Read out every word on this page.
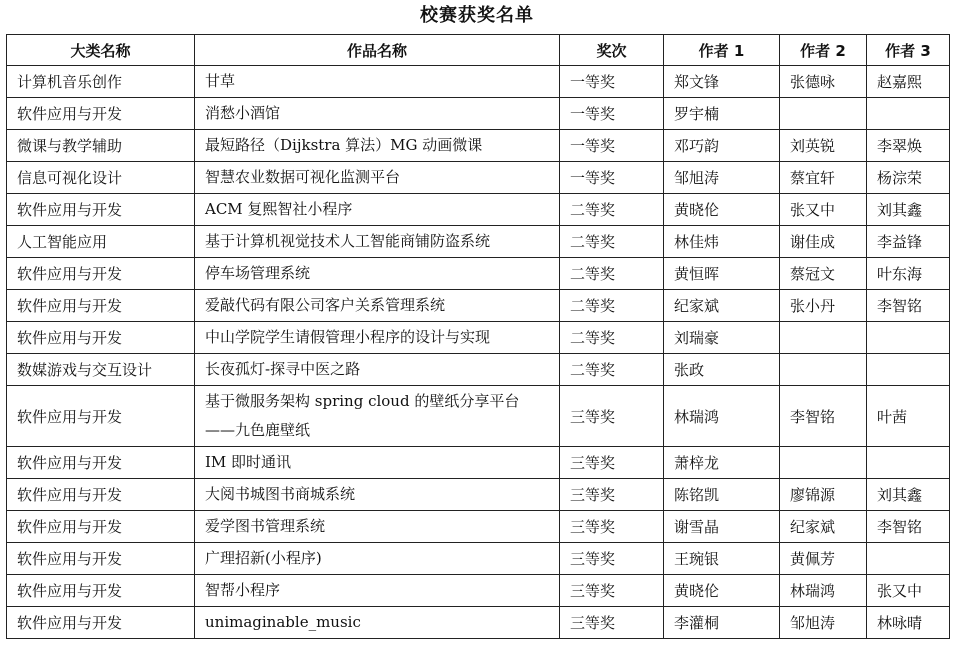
校赛获奖名单
大类名称	作品名称	奖次	作者 1	作者 2	作者 3
计算机音乐创作	甘草	一等奖	郑文锋	张德咏	赵嘉熙
软件应用与开发	消愁小酒馆	一等奖	罗宇楠		
微课与教学辅助	最短路径（Dijkstra 算法）MG 动画微课	一等奖	邓巧韵	刘英锐	李翠焕
信息可视化设计	智慧农业数据可视化监测平台	一等奖	邹旭涛	蔡宜轩	杨淙荣
软件应用与开发	ACM 复熙智社小程序	二等奖	黄晓伦	张又中	刘其鑫
人工智能应用	基于计算机视觉技术人工智能商铺防盗系统	二等奖	林佳炜	谢佳成	李益锋
软件应用与开发	停车场管理系统	二等奖	黄恒晖	蔡冠文	叶东海
软件应用与开发	爱敲代码有限公司客户关系管理系统	二等奖	纪家斌	张小丹	李智铭
软件应用与开发	中山学院学生请假管理小程序的设计与实现	二等奖	刘瑞豪		
数媒游戏与交互设计	长夜孤灯-探寻中医之路	二等奖	张政		
软件应用与开发	基于微服务架构 spring cloud 的壁纸分享平台——九色鹿壁纸	三等奖	林瑞鸿	李智铭	叶茜
软件应用与开发	IM 即时通讯	三等奖	萧梓龙		
软件应用与开发	大阅书城图书商城系统	三等奖	陈铭凯	廖锦源	刘其鑫
软件应用与开发	爱学图书管理系统	三等奖	谢雪晶	纪家斌	李智铭
软件应用与开发	广理招新(小程序)	三等奖	王琬银	黄佩芳	
软件应用与开发	智帮小程序	三等奖	黄晓伦	林瑞鸿	张又中
软件应用与开发	unimaginable_music	三等奖	李灌桐	邹旭涛	林咏晴
